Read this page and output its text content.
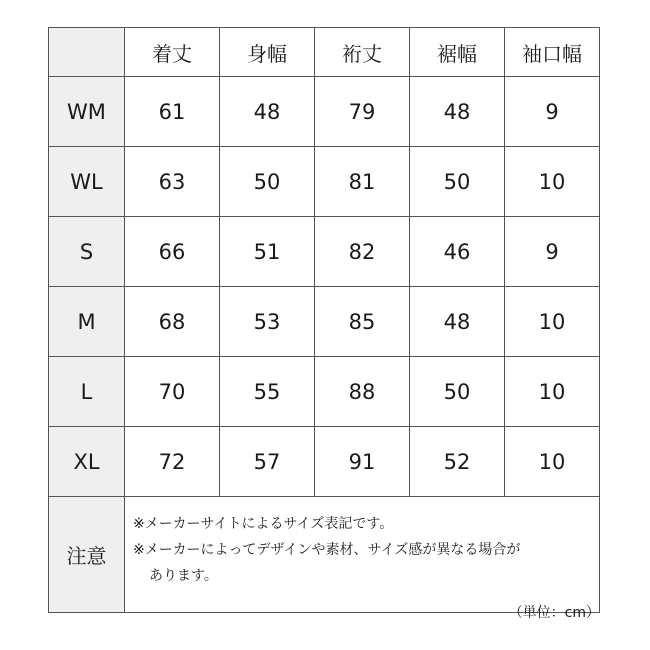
	着丈	身幅	裄丈	裾幅	袖口幅
WM	61	48	79	48	9
WL	63	50	81	50	10
S	66	51	82	46	9
M	68	53	85	48	10
L	70	55	88	50	10
XL	72	57	91	52	10
注意	※メーカーサイトによるサイズ表記です。
※メーカーによってデザインや素材、サイズ感が異なる場合が
あります。				
（単位：cm）
